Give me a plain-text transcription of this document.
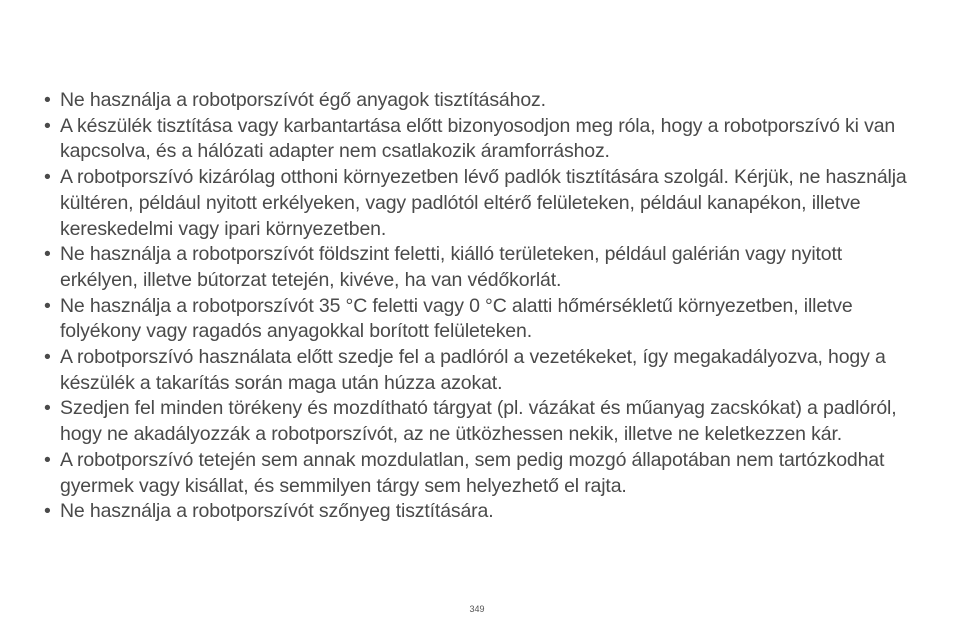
• Ne használja a robotporszívót égő anyagok tisztításához.
• A készülék tisztítása vagy karbantartása előtt bizonyosodjon meg róla, hogy a robotporszívó ki van kapcsolva, és a hálózati adapter nem csatlakozik áramforráshoz.
• A robotporszívó kizárólag otthoni környezetben lévő padlók tisztítására szolgál. Kérjük, ne használja kültéren, például nyitott erkélyeken, vagy padlótól eltérő felületeken, például kanapékon, illetve kereskedelmi vagy ipari környezetben.
• Ne használja a robotporszívót földszint feletti, kiálló területeken, például galérián vagy nyitott erkélyen, illetve bútorzat tetején, kivéve, ha van védőkorlát.
• Ne használja a robotporszívót 35 °C feletti vagy 0 °C alatti hőmérsékletű környezetben, illetve folyékony vagy ragadós anyagokkal borított felületeken.
• A robotporszívó használata előtt szedje fel a padlóról a vezetékeket, így megakadályozva, hogy a készülék a takarítás során maga után húzza azokat.
• Szedjen fel minden törékeny és mozdítható tárgyat (pl. vázákat és műanyag zacskókat) a padlóról, hogy ne akadályozzák a robotporszívót, az ne ütközhessen nekik, illetve ne keletkezzen kár.
• A robotporszívó tetején sem annak mozdulatlan, sem pedig mozgó állapotában nem tartózkodhat gyermek vagy kisállat, és semmilyen tárgy sem helyezhető el rajta.
• Ne használja a robotporszívót szőnyeg tisztítására.
349
